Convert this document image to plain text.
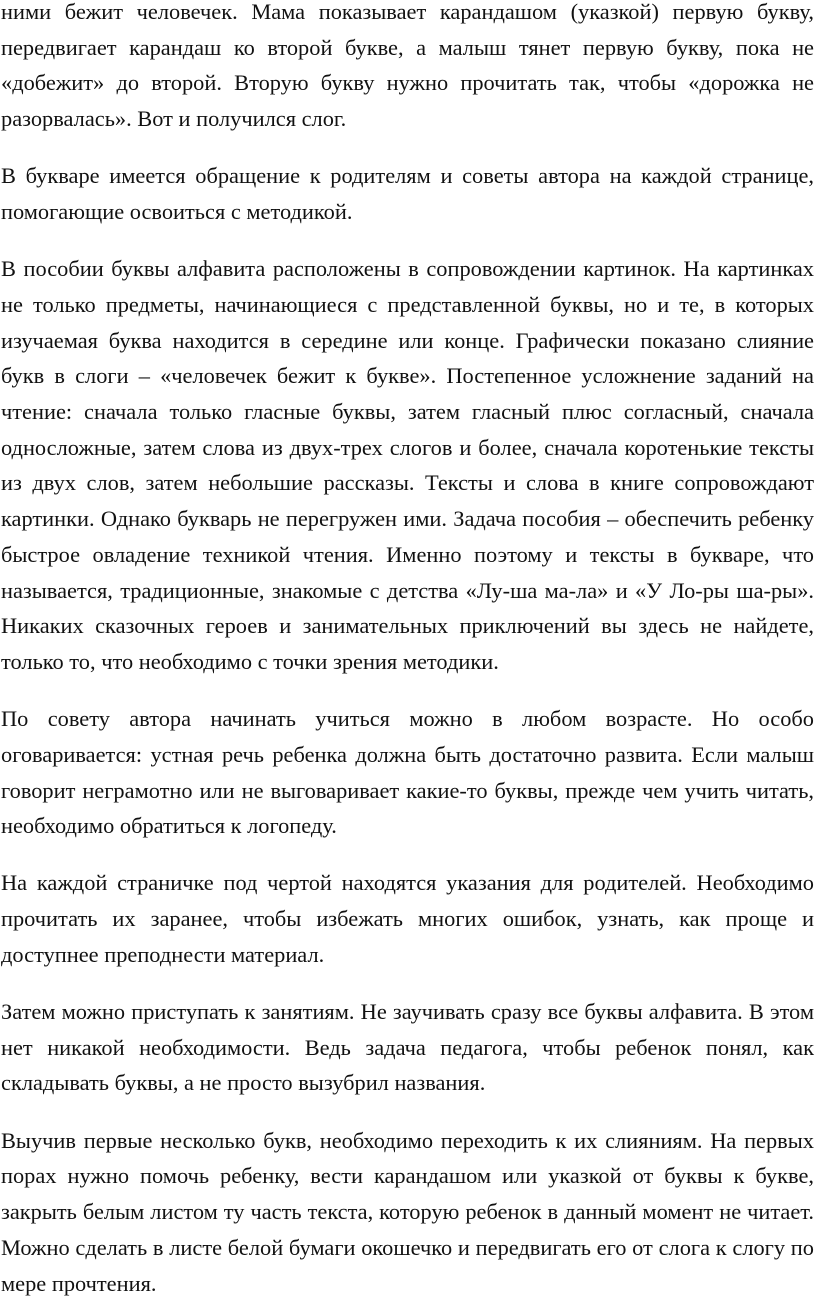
ними бежит человечек. Мама показывает карандашом (указкой) первую букву, передвигает карандаш ко второй букве, а малыш тянет первую букву, пока не «добежит» до второй. Вторую букву нужно прочитать так, чтобы «дорожка не разорвалась». Вот и получился слог.

В букваре имеется обращение к родителям и советы автора на каждой странице, помогающие освоиться с методикой.

В пособии буквы алфавита расположены в сопровождении картинок. На картинках не только предметы, начинающиеся с представленной буквы, но и те, в которых изучаемая буква находится в середине или конце. Графически показано слияние букв в слоги – «человечек бежит к букве». Постепенное усложнение заданий на чтение: сначала только гласные буквы, затем гласный плюс согласный, сначала односложные, затем слова из двух-трех слогов и более, сначала коротенькие тексты из двух слов, затем небольшие рассказы. Тексты и слова в книге сопровождают картинки. Однако букварь не перегружен ими. Задача пособия – обеспечить ребенку быстрое овладение техникой чтения. Именно поэтому и тексты в букваре, что называется, традиционные, знакомые с детства «Лу-ша ма-ла» и «У Ло-ры ша-ры». Никаких сказочных героев и занимательных приключений вы здесь не найдете, только то, что необходимо с точки зрения методики.

По совету автора начинать учиться можно в любом возрасте. Но особо оговаривается: устная речь ребенка должна быть достаточно развита. Если малыш говорит неграмотно или не выговаривает какие-то буквы, прежде чем учить читать, необходимо обратиться к логопеду.

На каждой страничке под чертой находятся указания для родителей. Необходимо прочитать их заранее, чтобы избежать многих ошибок, узнать, как проще и доступнее преподнести материал.

Затем можно приступать к занятиям. Не заучивать сразу все буквы алфавита. В этом нет никакой необходимости. Ведь задача педагога, чтобы ребенок понял, как складывать буквы, а не просто вызубрил названия.

Выучив первые несколько букв, необходимо переходить к их слияниям. На первых порах нужно помочь ребенку, вести карандашом или указкой от буквы к букве, закрыть белым листом ту часть текста, которую ребенок в данный момент не читает. Можно сделать в листе белой бумаги окошечко и передвигать его от слога к слогу по мере прочтения.
